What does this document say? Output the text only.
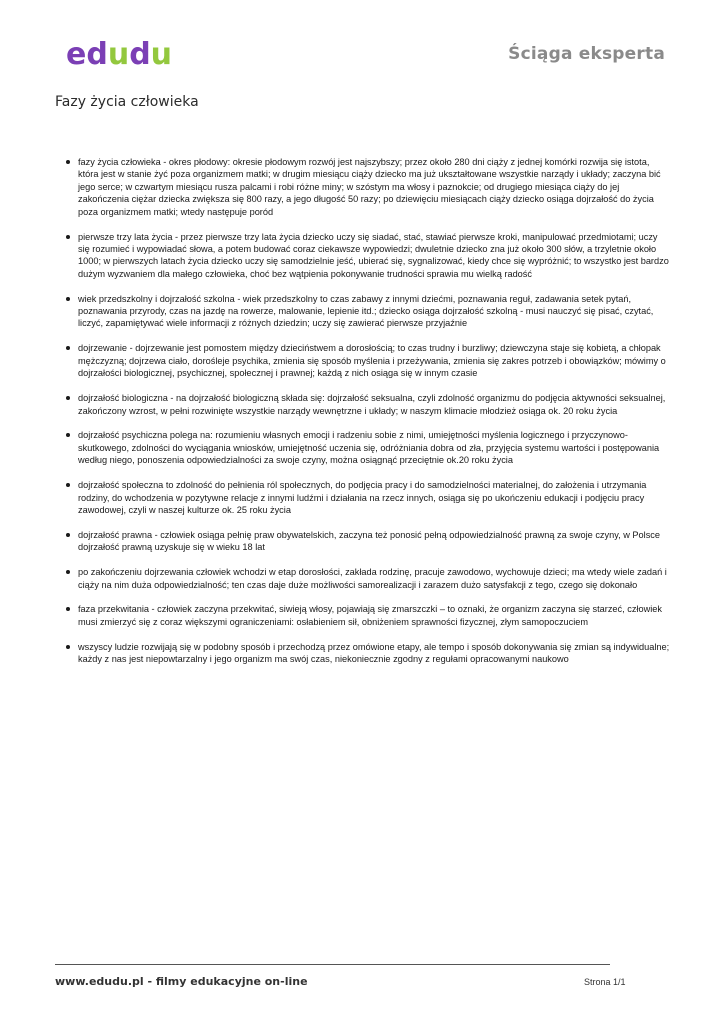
edudu	Ściąga eksperta
Fazy życia człowieka
fazy życia człowieka - okres płodowy: okresie płodowym rozwój jest najszybszy; przez około 280 dni ciąży z jednej komórki rozwija się istota, która jest w stanie żyć poza organizmem matki; w drugim miesiącu ciąży dziecko ma już ukształtowane wszystkie narządy i układy; zaczyna bić jego serce; w czwartym miesiącu rusza palcami i robi różne miny; w szóstym ma włosy i paznokcie; od drugiego miesiąca ciąży do jej zakończenia ciężar dziecka zwiększa się 800 razy, a jego długość 50 razy; po dziewięciu miesiącach ciąży dziecko osiąga dojrzałość do życia poza organizmem matki; wtedy następuje poród
pierwsze trzy lata życia - przez pierwsze trzy lata życia dziecko uczy się siadać, stać, stawiać pierwsze kroki, manipulować przedmiotami; uczy się rozumieć i wypowiadać słowa, a potem budować coraz ciekawsze wypowiedzi; dwuletnie dziecko zna już około 300 słów, a trzyletnie około 1000; w pierwszych latach życia dziecko uczy się samodzielnie jeść, ubierać się, sygnalizować, kiedy chce się wypróżnić; to wszystko jest bardzo dużym wyzwaniem dla małego człowieka, choć bez wątpienia pokonywanie trudności sprawia mu wielką radość
wiek przedszkolny i dojrzałość szkolna - wiek przedszkolny to czas zabawy z innymi dziećmi, poznawania reguł, zadawania setek pytań, poznawania przyrody, czas na jazdę na rowerze, malowanie, lepienie itd.; dziecko osiąga dojrzałość szkolną - musi nauczyć się pisać, czytać, liczyć, zapamiętywać wiele informacji z różnych dziedzin; uczy się zawierać pierwsze przyjaźnie
dojrzewanie - dojrzewanie jest pomostem między dzieciństwem a dorosłością; to czas trudny i burzliwy; dziewczyna staje się kobietą, a chłopak mężczyzną; dojrzewa ciało, dorośleje psychika, zmienia się sposób myślenia i przeżywania, zmienia się zakres potrzeb i obowiązków; mówimy o dojrzałości biologicznej, psychicznej, społecznej i prawnej; każdą z nich osiąga się w innym czasie
dojrzałość biologiczna - na dojrzałość biologiczną składa się: dojrzałość seksualna, czyli zdolność organizmu do podjęcia aktywności seksualnej, zakończony wzrost, w pełni rozwinięte wszystkie narządy wewnętrzne i układy; w naszym klimacie młodzież osiąga ok. 20 roku życia
dojrzałość psychiczna polega na: rozumieniu własnych emocji i radzeniu sobie z nimi, umiejętności myślenia logicznego i przyczynowo-skutkowego, zdolności do wyciągania wniosków, umiejętność uczenia się, odróżniania dobra od zła, przyjęcia systemu wartości i postępowania według niego, ponoszenia odpowiedzialności za swoje czyny, można osiągnąć przeciętnie ok.20 roku życia
dojrzałość społeczna to zdolność do pełnienia ról społecznych, do podjęcia pracy i do samodzielności materialnej, do założenia i utrzymania rodziny, do wchodzenia w pozytywne relacje z innymi ludźmi i działania na rzecz innych, osiąga się po ukończeniu edukacji i podjęciu pracy zawodowej, czyli w naszej kulturze ok. 25 roku życia
dojrzałość prawna - człowiek osiąga pełnię praw obywatelskich, zaczyna też ponosić pełną odpowiedzialność prawną za swoje czyny, w Polsce dojrzałość prawną uzyskuje się w wieku 18 lat
po zakończeniu dojrzewania człowiek wchodzi w etap dorosłości, zakłada rodzinę, pracuje zawodowo, wychowuje dzieci; ma wtedy wiele zadań i ciąży na nim duża odpowiedzialność; ten czas daje duże możliwości samorealizacji i zarazem dużo satysfakcji z tego, czego się dokonało
faza przekwitania - człowiek zaczyna przekwitać, siwieją włosy, pojawiają się zmarszczki – to oznaki, że organizm zaczyna się starzeć, człowiek musi zmierzyć się z coraz większymi ograniczeniami: osłabieniem sił, obniżeniem sprawności fizycznej, złym samopoczuciem
wszyscy ludzie rozwijają się w podobny sposób i przechodzą przez omówione etapy, ale tempo i sposób dokonywania się zmian są indywidualne; każdy z nas jest niepowtarzalny i jego organizm ma swój czas, niekoniecznie zgodny z regułami opracowanymi naukowo
www.edudu.pl - filmy edukacyjne on-line	Strona 1/1
